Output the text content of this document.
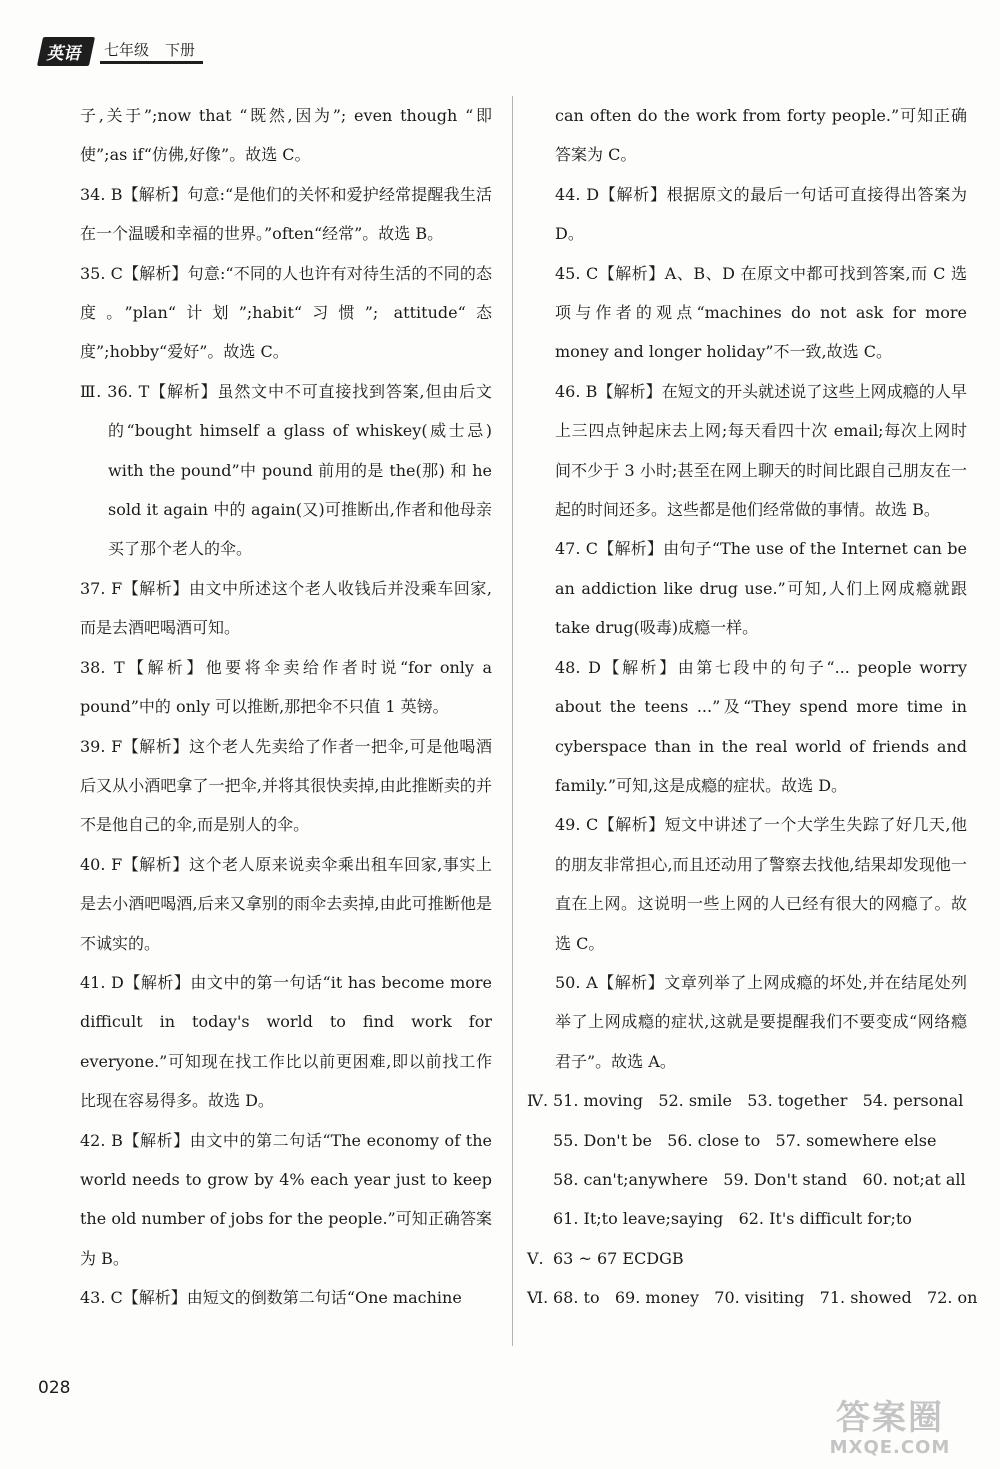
英语	七年级 下册
子,关于”;now that “既然,因为”; even though “即使”;as if“仿佛,好像”。故选 C。
34. B【解析】句意:“是他们的关怀和爱护经常提醒我生活在一个温暖和幸福的世界。”often“经常”。故选 B。
35. C【解析】句意:“不同的人也许有对待生活的不同的态度。”plan“计划”;habit“习惯”; attitude“态度”;hobby“爱好”。故选 C。
Ⅲ. 36. T【解析】虽然文中不可直接找到答案,但由后文的“bought himself a glass of whiskey(威士忌) with the pound”中 pound 前用的是 the(那) 和 he sold it again 中的 again(又)可推断出,作者和他母亲买了那个老人的伞。
37. F【解析】由文中所述这个老人收钱后并没乘车回家,而是去酒吧喝酒可知。
38. T【解析】他要将伞卖给作者时说“for only a pound”中的 only 可以推断,那把伞不只值 1 英镑。
39. F【解析】这个老人先卖给了作者一把伞,可是他喝酒后又从小酒吧拿了一把伞,并将其很快卖掉,由此推断卖的并不是他自己的伞,而是别人的伞。
40. F【解析】这个老人原来说卖伞乘出租车回家,事实上是去小酒吧喝酒,后来又拿别的雨伞去卖掉,由此可推断他是不诚实的。
41. D【解析】由文中的第一句话“it has become more difficult in today's world to find work for everyone.”可知现在找工作比以前更困难,即以前找工作比现在容易得多。故选 D。
42. B【解析】由文中的第二句话“The economy of the world needs to grow by 4% each year just to keep the old number of jobs for the people.”可知正确答案为 B。
43. C【解析】由短文的倒数第二句话“One machine
can often do the work from forty people.”可知正确答案为 C。
44. D【解析】根据原文的最后一句话可直接得出答案为 D。
45. C【解析】A、B、D 在原文中都可找到答案,而 C 选项与作者的观点“machines do not ask for more money and longer holiday”不一致,故选 C。
46. B【解析】在短文的开头就述说了这些上网成瘾的人早上三四点钟起床去上网;每天看四十次 email;每次上网时间不少于 3 小时;甚至在网上聊天的时间比跟自己朋友在一起的时间还多。这些都是他们经常做的事情。故选 B。
47. C【解析】由句子“The use of the Internet can be an addiction like drug use.”可知,人们上网成瘾就跟 take drug(吸毒)成瘾一样。
48. D【解析】由第七段中的句子“... people worry about the teens ...”及“They spend more time in cyberspace than in the real world of friends and family.”可知,这是成瘾的症状。故选 D。
49. C【解析】短文中讲述了一个大学生失踪了好几天,他的朋友非常担心,而且还动用了警察去找他,结果却发现他一直在上网。这说明一些上网的人已经有很大的网瘾了。故选 C。
50. A【解析】文章列举了上网成瘾的坏处,并在结尾处列举了上网成瘾的症状,这就是要提醒我们不要变成“网络瘾君子”。故选 A。
Ⅳ. 51. moving 52. smile 53. together 54. personal
55. Don't be 56. close to 57. somewhere else
58. can't;anywhere 59. Don't stand 60. not;at all
61. It;to leave;saying 62. It's difficult for;to
Ⅴ. 63 ~ 67 ECDGB
Ⅵ. 68. to 69. money 70. visiting 71. showed 72. on
028
答案圈
MXQE.COM
